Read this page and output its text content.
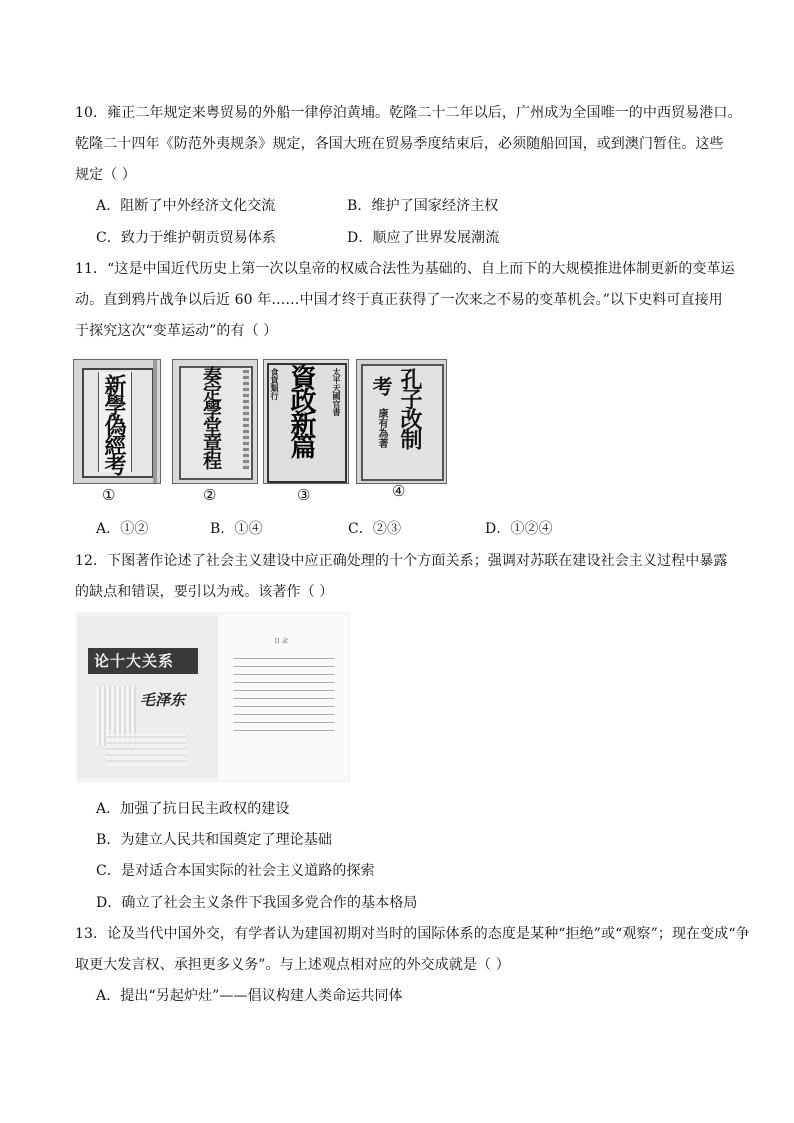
10．雍正二年规定来粤贸易的外船一律停泊黄埔。乾隆二十二年以后，广州成为全国唯一的中西贸易港口。
乾隆二十四年《防范外夷规条》规定，各国大班在贸易季度结束后，必须随船回国，或到澳门暂住。这些
规定（ ）
A．阻断了中外经济文化交流	B．维护了国家经济主权
C．致力于维护朝贡贸易体系	D．顺应了世界发展潮流
11．“这是中国近代历史上第一次以皇帝的权威合法性为基础的、自上而下的大规模推进体制更新的变革运
动。直到鸦片战争以后近 60 年……中国才终于真正获得了一次来之不易的变革机会。”以下史料可直接用
于探究这次“变革运动”的有（ ）
新學偽經考
①
奏定學堂章程
②
食貨類行 資政新篇 太平天國官書
③
孔子改制
考
康有為著
④
A．①②	B．①④	C．②③	D．①②④
12．下图著作论述了社会主义建设中应正确处理的十个方面关系；强调对苏联在建设社会主义过程中暴露
的缺点和错误，要引以为戒。该著作（ ）
论十大关系
毛泽东
目 录
A．加强了抗日民主政权的建设
B．为建立人民共和国奠定了理论基础
C．是对适合本国实际的社会主义道路的探索
D．确立了社会主义条件下我国多党合作的基本格局
13．论及当代中国外交，有学者认为建国初期对当时的国际体系的态度是某种“拒绝”或“观察”；现在变成“争
取更大发言权、承担更多义务”。与上述观点相对应的外交成就是（ ）
A．提出“另起炉灶”——倡议构建人类命运共同体
